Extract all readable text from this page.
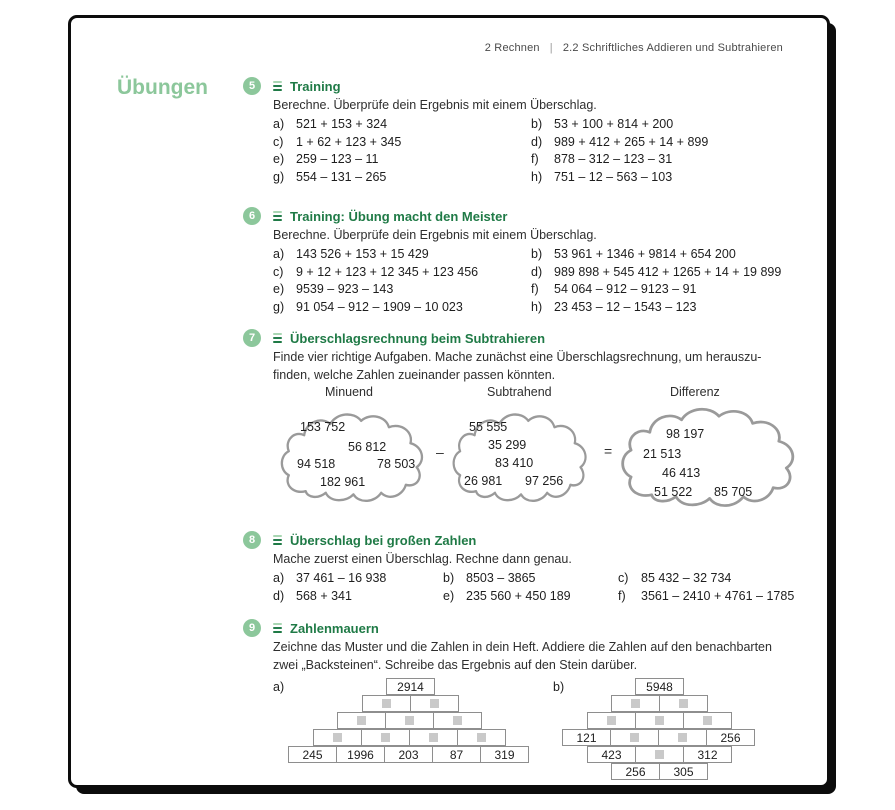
2 Rechnen | 2.2 Schriftliches Addieren und Subtrahieren
Übungen	5	Training
Berechne. Überprüfe dein Ergebnis mit einem Überschlag.
a) 521 + 153 + 324	b) 53 + 100 + 814 + 200
c)	1 + 62 + 123 + 345	d) 989 + 412 + 265 + 14 + 899
e) 259 – 123 – 11	f)	878 – 312 – 123 – 31
g) 554 – 131 – 265	h) 751 – 12 – 563 – 103
6	Training: Übung macht den Meister
Berechne. Überprüfe dein Ergebnis mit einem Überschlag.
a) 143 526 + 153 + 15 429	b) 53 961 + 1346 + 9814 + 654 200
c)	9 + 12 + 123 + 12 345 + 123 456	d) 989 898 + 545 412 + 1265 + 14 + 19 899
e) 9539 – 923 – 143	f)	54 064 – 912 – 9123 – 91
g) 91 054 – 912 – 1909 – 10 023	h) 23 453 – 12 – 1543 – 123
7	Überschlagsrechnung beim Subtrahieren
Finde vier richtige Aufgaben. Mache zunächst eine Überschlagsrechnung, um herauszu-
finden, welche Zahlen zueinander passen könnten.
Minuend	Subtrahend	Differenz
153 752
56 812
94 518	78 503
182 961
–
55 555
35 299
83 410
26 981 97 256
=
98 197
21 513
46 413
51 522 85 705
8	Überschlag bei großen Zahlen
Mache zuerst einen Überschlag. Rechne dann genau.
a) 37 461 – 16 938	b) 8503 – 3865	c)	85 432 – 32 734
d) 568 + 341	e) 235 560 + 450 189	f)	3561 – 2410 + 4761 – 1785
9	Zahlenmauern
Zeichne das Muster und die Zahlen in dein Heft. Addiere die Zahlen auf den benachbarten
zwei „Backsteinen“. Schreibe das Ergebnis auf den Stein darüber.
a)	2914
245	1996	203	87	319
b)	5948
121	256
423	312
256	305
